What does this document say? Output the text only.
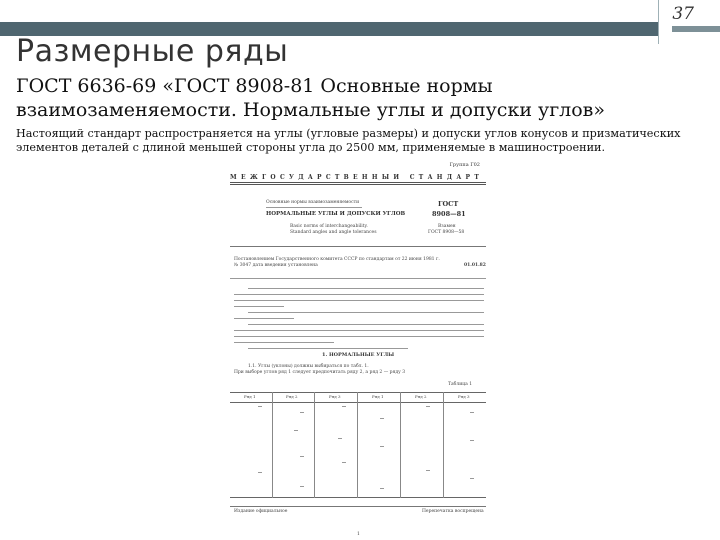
37
Размерные ряды
ГОСТ 6636-69 «ГОСТ 8908-81 Основные нормы взаимозаменяемости. Нормальные углы и допуски углов»
Настоящий стандарт распространяется на углы (угловые размеры) и допуски углов конусов и призматических элементов деталей с длиной меньшей стороны угла до 2500 мм, применяемые в машиностроении.
Группа Г02
МЕЖГОСУДАРСТВЕННЫЙ СТАНДАРТ
Основные нормы взаимозаменяемости
НОРМАЛЬНЫЕ УГЛЫ И ДОПУСКИ УГЛОВ
Basic norms of interchangeability.
Standard angles and angle tolerances
ГОСТ
8908—81
Взамен
ГОСТ 8908—58
Постановлением Государственного комитета СССР по стандартам от 22 июня 1981 г. № 3047 дата введения установлена	01.01.82
1. НОРМАЛЬНЫЕ УГЛЫ
1.1. Углы (уклоны) должны выбираться по табл. 1.
При выборе углов ряд 1 следует предпочитать ряду 2, а ряд 2 — ряду 3
Таблица 1
Ряд 1	Ряд 2	Ряд 3	Ряд 1	Ряд 2	Ряд 3
Издание официальное	Перепечатка воспрещена
1
